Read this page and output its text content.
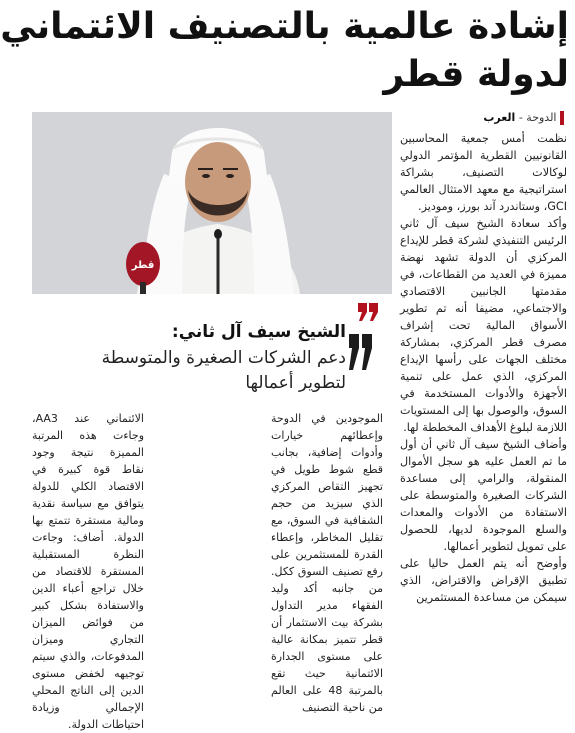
إشادة عالمية بالتصنيف الائتماني
لدولة قطر
الدوحة - العرب

نظمت أمس جمعية المحاسبين القانونيين القطرية المؤتمر الدولي لوكالات التصنيف، بشراكة استراتيجية مع معهد الامتثال العالمي GCI، وستاندرد آند بورز، وموديز.

وأكد سعادة الشيخ سيف آل ثاني الرئيس التنفيذي لشركة قطر للإيداع المركزي أن الدولة تشهد نهضة مميزة في العديد من القطاعات، في مقدمتها الجانبين الاقتصادي والاجتماعي، مضيفا أنه تم تطوير الأسواق المالية تحت إشراف مصرف قطر المركزي، بمشاركة مختلف الجهات على رأسها الإيداع المركزي، الذي عمل على تنمية الأجهزة والأدوات المستخدمة في السوق، والوصول بها إلى المستويات اللازمة لبلوغ الأهداف المخططة لها.

وأضاف الشيخ سيف آل ثاني أن أول ما تم العمل عليه هو سجل الأموال المنقولة، والرامي إلى مساعدة الشركات الصغيرة والمتوسطة على الاستفادة من الأدوات والمعدات والسلع الموجودة لديها، للحصول على تمويل لتطوير أعمالها.

وأوضح أنه يتم العمل حاليا على تطبيق الإقراض والاقتراض، الذي سيمكن من مساعدة المستثمرين

قطر
الشيخ سيف آل ثاني:
دعم الشركات الصغيرة والمتوسطة
لتطوير أعمالها

الموجودين في الدوحة وإعطائهم خيارات وأدوات إضافية، بجانب قطع شوط طويل في تجهيز التقاص المركزي الذي سيزيد من حجم الشفافية في السوق، مع تقليل المخاطر، وإعطاء القدرة للمستثمرين على رفع تصنيف السوق ككل. من جانبه أكد وليد الفقهاء مدير التداول بشركة بيت الاستثمار أن قطر تتميز بمكانة عالية على مستوى الجدارة الائتمانية حيث تقع بالمرتبة 48 على العالم من ناحية التصنيف

الائتماني عند AA3، وجاءت هذه المرتبة المميزة نتيجة وجود نقاط قوة كبيرة في الاقتصاد الكلي للدولة يتوافق مع سياسة نقدية ومالية مستقرة تتمتع بها الدولة. أضاف: وجاءت النظرة المستقبلية المستقرة للاقتصاد من خلال تراجع أعباء الدين والاستفادة بشكل كبير من فوائض الميزان التجاري وميزان المدفوعات، والذي سيتم توجيهه لخفض مستوى الدين إلى الناتج المحلي الإجمالي وزيادة احتياطات الدولة.
